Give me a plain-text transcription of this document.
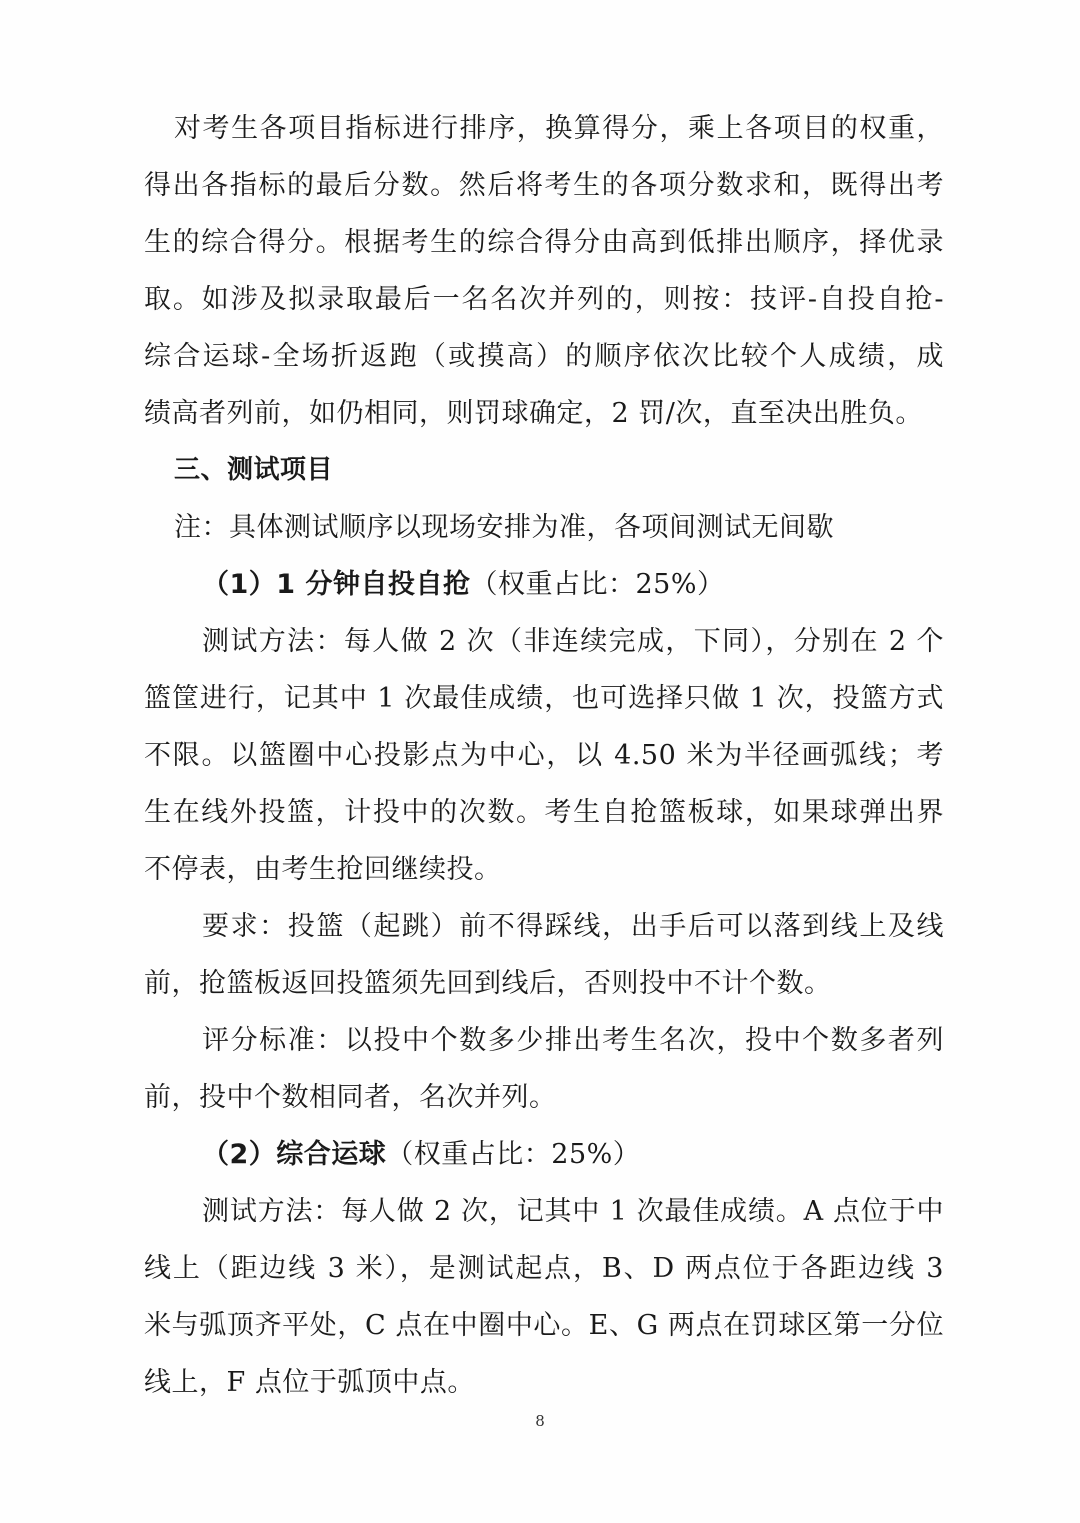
对考生各项目指标进行排序，换算得分，乘上各项目的权重，
得出各指标的最后分数。然后将考生的各项分数求和，既得出考
生的综合得分。根据考生的综合得分由高到低排出顺序，择优录
取。如涉及拟录取最后一名名次并列的，则按：技评-自投自抢-
综合运球-全场折返跑（或摸高）的顺序依次比较个人成绩，成
绩高者列前，如仍相同，则罚球确定，2 罚/次，直至决出胜负。
三、测试项目
注：具体测试顺序以现场安排为准，各项间测试无间歇
（1）1 分钟自投自抢（权重占比：25%）
测试方法：每人做 2 次（非连续完成，下同），分别在 2 个
篮筐进行，记其中 1 次最佳成绩，也可选择只做 1 次，投篮方式
不限。以篮圈中心投影点为中心，以 4.50 米为半径画弧线；考
生在线外投篮，计投中的次数。考生自抢篮板球，如果球弹出界
不停表，由考生抢回继续投。
要求：投篮（起跳）前不得踩线，出手后可以落到线上及线
前，抢篮板返回投篮须先回到线后，否则投中不计个数。
评分标准：以投中个数多少排出考生名次，投中个数多者列
前，投中个数相同者，名次并列。
（2）综合运球（权重占比：25%）
测试方法：每人做 2 次，记其中 1 次最佳成绩。A 点位于中
线上（距边线 3 米），是测试起点，B、D 两点位于各距边线 3
米与弧顶齐平处，C 点在中圈中心。E、G 两点在罚球区第一分位
线上，F 点位于弧顶中点。
8
